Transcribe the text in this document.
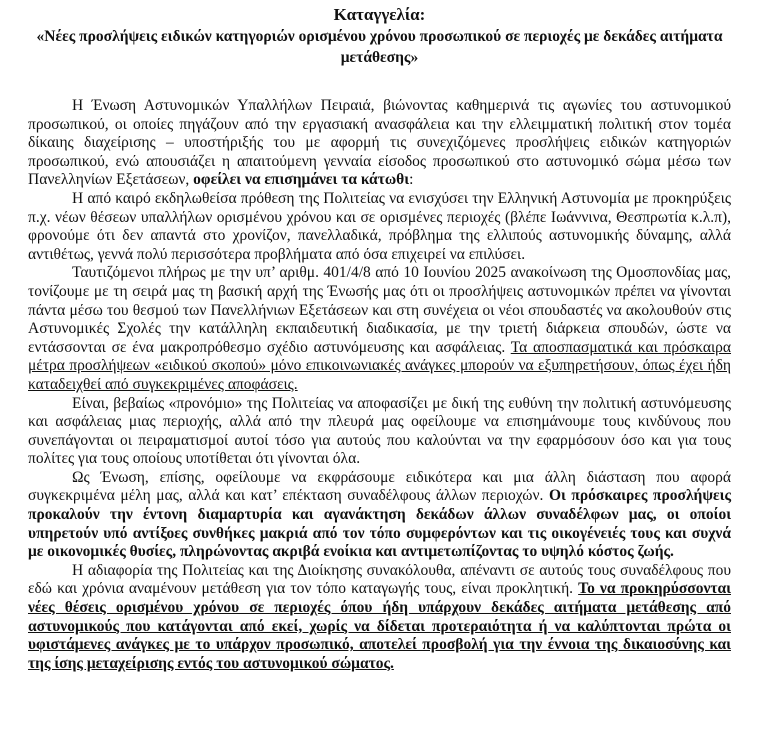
Καταγγελία:
«Νέες προσλήψεις ειδικών κατηγοριών ορισμένου χρόνου προσωπικού σε περιοχές με δεκάδες αιτήματα μετάθεσης»

Η Ένωση Αστυνομικών Υπαλλήλων Πειραιά, βιώνοντας καθημερινά τις αγωνίες του αστυνομικού προσωπικού, οι οποίες πηγάζουν από την εργασιακή ανασφάλεια και την ελλειμματική πολιτική στον τομέα δίκαιης διαχείρισης – υποστήριξής του με αφορμή τις συνεχιζόμενες προσλήψεις ειδικών κατηγοριών προσωπικού, ενώ απουσιάζει η απαιτούμενη γενναία είσοδος προσωπικού στο αστυνομικό σώμα μέσω των Πανελληνίων Εξετάσεων, οφείλει να επισημάνει τα κάτωθι:

Η από καιρό εκδηλωθείσα πρόθεση της Πολιτείας να ενισχύσει την Ελληνική Αστυνομία με προκηρύξεις π.χ. νέων θέσεων υπαλλήλων ορισμένου χρόνου και σε ορισμένες περιοχές (βλέπε Ιωάννινα, Θεσπρωτία κ.λ.π), φρονούμε ότι δεν απαντά στο χρονίζον, πανελλαδικά, πρόβλημα της ελλιπούς αστυνομικής δύναμης, αλλά αντιθέτως, γεννά πολύ περισσότερα προβλήματα από όσα επιχειρεί να επιλύσει.

Ταυτιζόμενοι πλήρως με την υπ’ αριθμ. 401/4/8 από 10 Ιουνίου 2025 ανακοίνωση της Ομοσπονδίας μας, τονίζουμε με τη σειρά μας τη βασική αρχή της Ένωσής μας ότι οι προσλήψεις αστυνομικών πρέπει να γίνονται πάντα μέσω του θεσμού των Πανελλήνιων Εξετάσεων και στη συνέχεια οι νέοι σπουδαστές να ακολουθούν στις Αστυνομικές Σχολές την κατάλληλη εκπαιδευτική διαδικασία, με την τριετή διάρκεια σπουδών, ώστε να εντάσσονται σε ένα μακροπρόθεσμο σχέδιο αστυνόμευσης και ασφάλειας. Τα αποσπασματικά και πρόσκαιρα μέτρα προσλήψεων «ειδικού σκοπού» μόνο επικοινωνιακές ανάγκες μπορούν να εξυπηρετήσουν, όπως έχει ήδη καταδειχθεί από συγκεκριμένες αποφάσεις.

Είναι, βεβαίως «προνόμιο» της Πολιτείας να αποφασίζει με δική της ευθύνη την πολιτική αστυνόμευσης και ασφάλειας μιας περιοχής, αλλά από την πλευρά μας οφείλουμε να επισημάνουμε τους κινδύνους που συνεπάγονται οι πειραματισμοί αυτοί τόσο για αυτούς που καλούνται να την εφαρμόσουν όσο και για τους πολίτες για τους οποίους υποτίθεται ότι γίνονται όλα.

Ως Ένωση, επίσης, οφείλουμε να εκφράσουμε ειδικότερα και μια άλλη διάσταση που αφορά συγκεκριμένα μέλη μας, αλλά και κατ’ επέκταση συναδέλφους άλλων περιοχών. Οι πρόσκαιρες προσλήψεις προκαλούν την έντονη διαμαρτυρία και αγανάκτηση δεκάδων άλλων συναδέλφων μας, οι οποίοι υπηρετούν υπό αντίξοες συνθήκες μακριά από τον τόπο συμφερόντων και τις οικογένειές τους και συχνά με οικονομικές θυσίες, πληρώνοντας ακριβά ενοίκια και αντιμετωπίζοντας το υψηλό κόστος ζωής.

Η αδιαφορία της Πολιτείας και της Διοίκησης συνακόλουθα, απέναντι σε αυτούς τους συναδέλφους που εδώ και χρόνια αναμένουν μετάθεση για τον τόπο καταγωγής τους, είναι προκλητική. Το να προκηρύσσονται νέες θέσεις ορισμένου χρόνου σε περιοχές όπου ήδη υπάρχουν δεκάδες αιτήματα μετάθεσης από αστυνομικούς που κατάγονται από εκεί, χωρίς να δίδεται προτεραιότητα ή να καλύπτονται πρώτα οι υφιστάμενες ανάγκες με το υπάρχον προσωπικό, αποτελεί προσβολή για την έννοια της δικαιοσύνης και της ίσης μεταχείρισης εντός του αστυνομικού σώματος.
